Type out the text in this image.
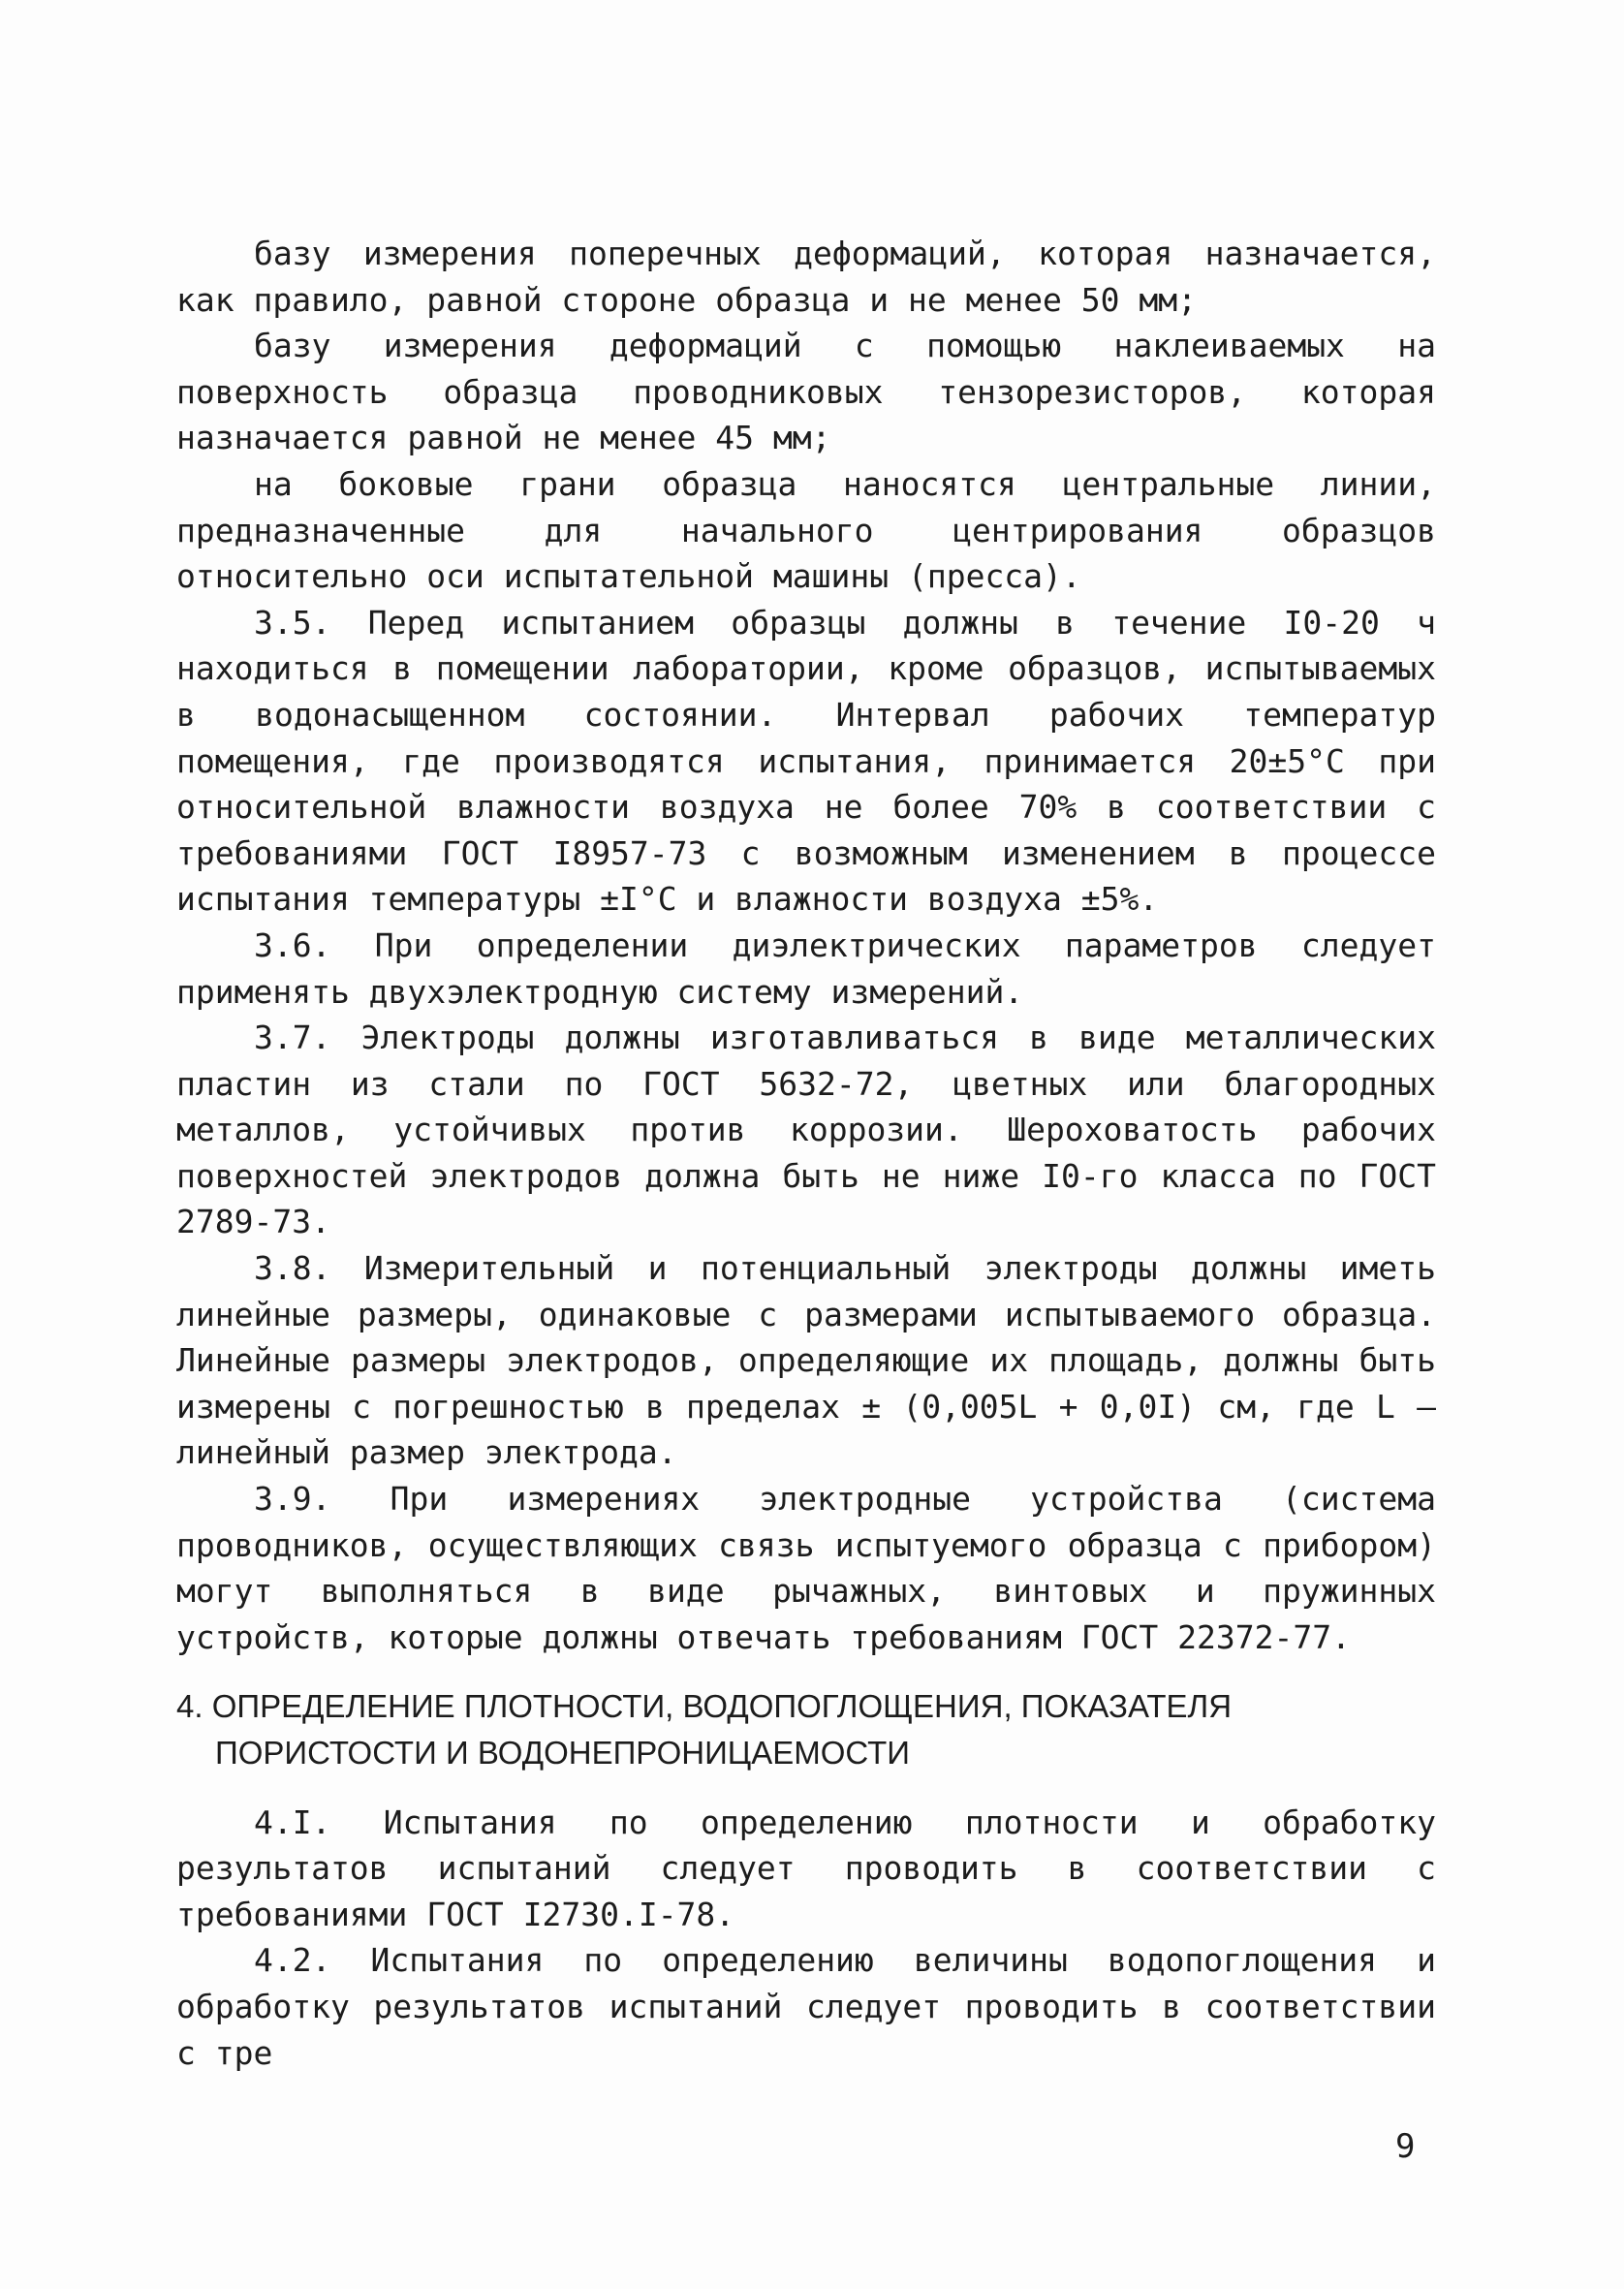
базу измерения поперечных деформаций, которая назначается, как правило, равной стороне образца и не менее 50 мм;

базу измерения деформаций с помощью наклеиваемых на поверхность образца проводниковых тензорезисторов, которая назначается равной не менее 45 мм;

на боковые грани образца наносятся центральные линии, предназначенные для начального центрирования образцов относительно оси испытательной машины (пресса).

3.5. Перед испытанием образцы должны в течение I0-20 ч находиться в помещении лаборатории, кроме образцов, испытываемых в водонасыщенном состоянии. Интервал рабочих температур помещения, где производятся испытания, принимается 20±5°С при относительной влажности воздуха не более 70% в соответствии с требованиями ГОСТ I8957-73 с возможным изменением в процессе испытания температуры ±I°С и влажности воздуха ±5%.

3.6. При определении диэлектрических параметров следует применять двухэлектродную систему измерений.

3.7. Электроды должны изготавливаться в виде металлических пластин из стали по ГОСТ 5632-72, цветных или благородных металлов, устойчивых против коррозии. Шероховатость рабочих поверхностей электродов должна быть не ниже I0-го класса по ГОСТ 2789-73.

3.8. Измерительный и потенциальный электроды должны иметь линейные размеры, одинаковые с размерами испытываемого образца. Линейные размеры электродов, определяющие их площадь, должны быть измерены с погрешностью в пределах ± (0,005L + 0,0I) см, где L – линейный размер электрода.

3.9. При измерениях электродные устройства (система проводников, осуществляющих связь испытуемого образца с прибором) могут выполняться в виде рычажных, винтовых и пружинных устройств, которые должны отвечать требованиям ГОСТ 22372-77.

4. ОПРЕДЕЛЕНИЕ ПЛОТНОСТИ, ВОДОПОГЛОЩЕНИЯ, ПОКАЗАТЕЛЯ ПОРИСТОСТИ И ВОДОНЕПРОНИЦАЕМОСТИ

4.I. Испытания по определению плотности и обработку результатов испытаний следует проводить в соответствии с требованиями ГОСТ I2730.I-78.

4.2. Испытания по определению величины водопоглощения и обработку результатов испытаний следует проводить в соответствии с тре

9
